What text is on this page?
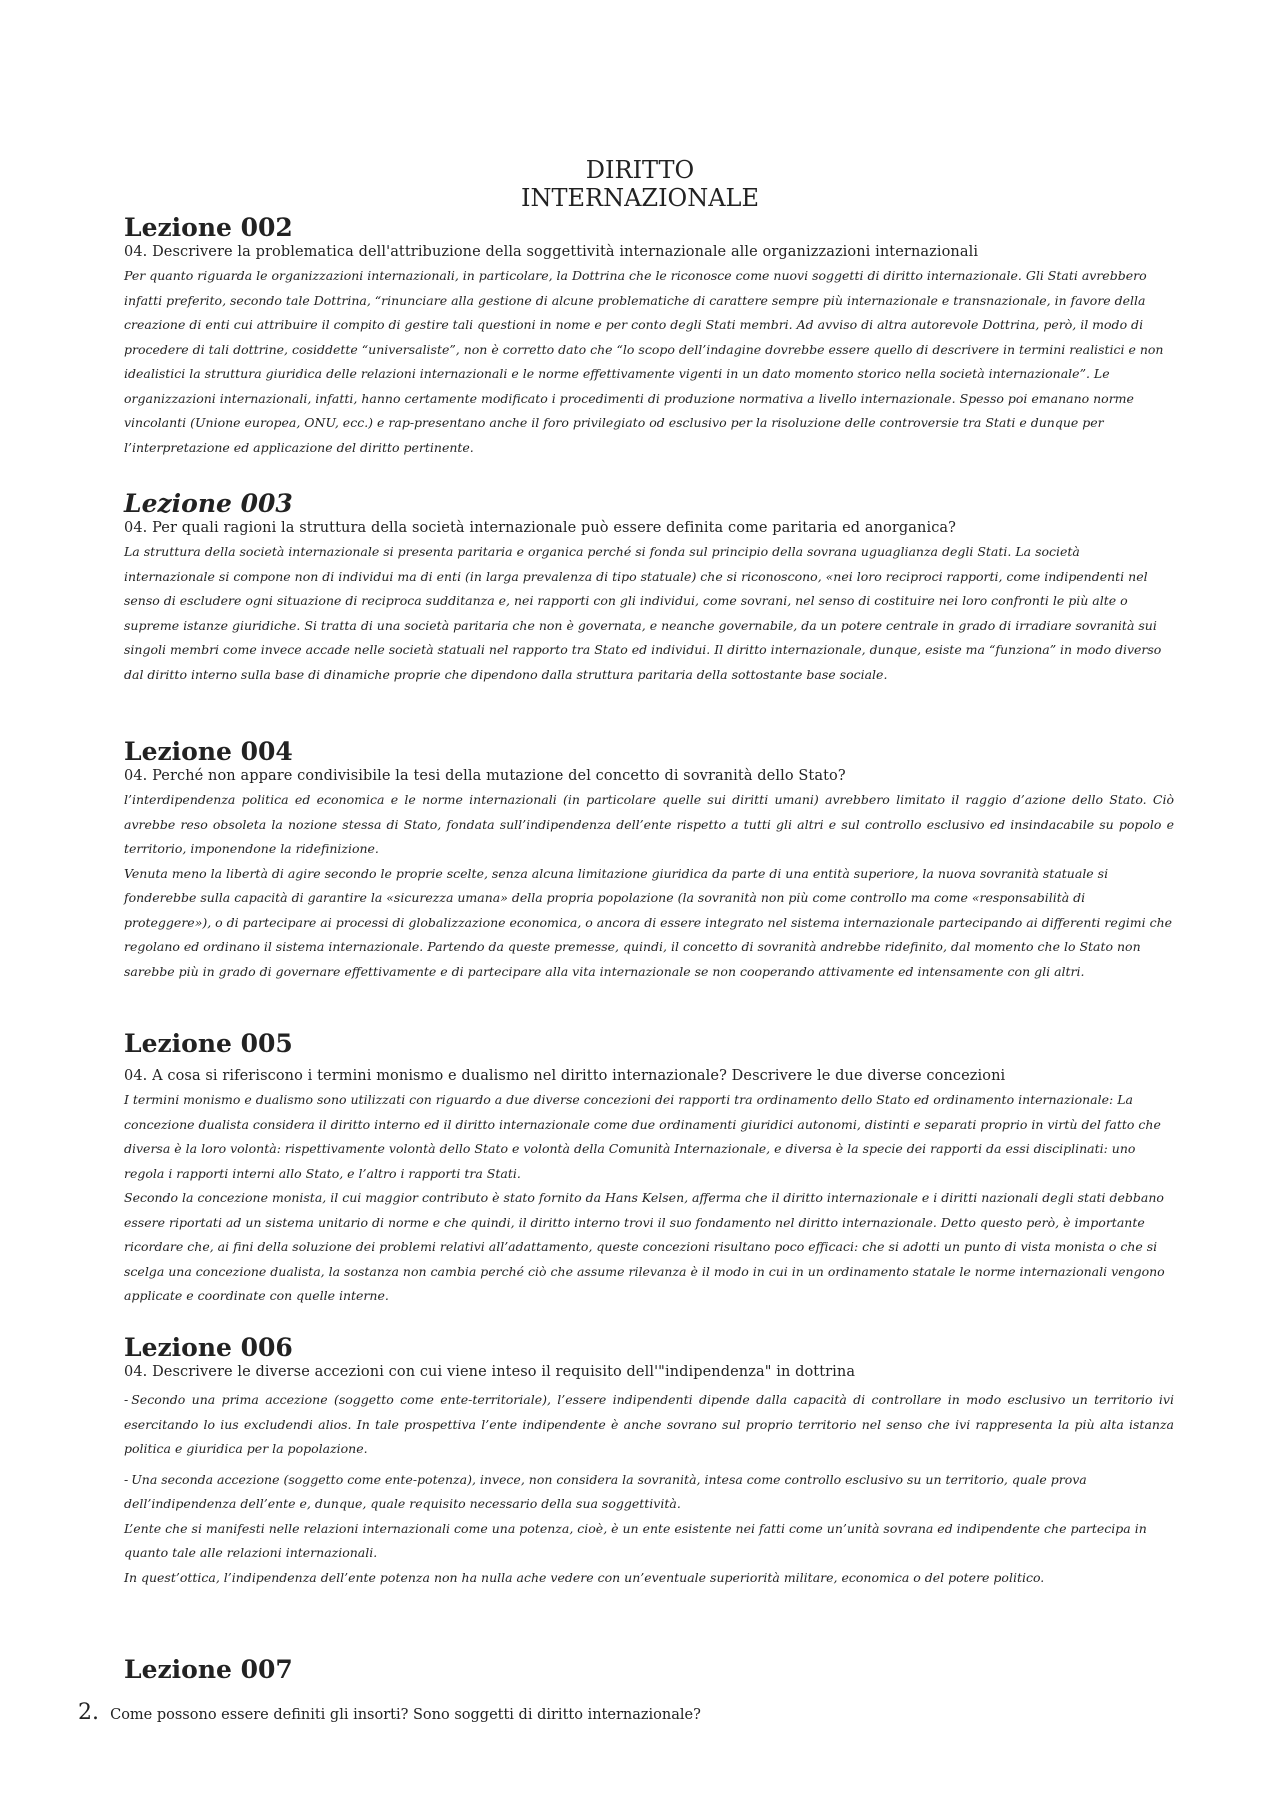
DIRITTO
INTERNAZIONALE
Lezione 002

04. Descrivere la problematica dell'attribuzione della soggettività internazionale alle organizzazioni internazionali

Per quanto riguarda le organizzazioni internazionali, in particolare, la Dottrina che le riconosce come nuovi soggetti di diritto internazionale. Gli Stati avrebbero infatti preferito, secondo tale Dottrina, “rinunciare alla gestione di alcune problematiche di carattere sempre più internazionale e transnazionale, in favore della creazione di enti cui attribuire il compito di gestire tali questioni in nome e per conto degli Stati membri. Ad avviso di altra autorevole Dottrina, però, il modo di procedere di tali dottrine, cosiddette “universaliste”, non è corretto dato che “lo scopo dell’indagine dovrebbe essere quello di descrivere in termini realistici e non idealistici la struttura giuridica delle relazioni internazionali e le norme effettivamente vigenti in un dato momento storico nella società internazionale”. Le organizzazioni internazionali, infatti, hanno certamente modificato i procedimenti di produzione normativa a livello internazionale. Spesso poi emanano norme vincolanti (Unione europea, ONU, ecc.) e rap-presentano anche il foro privilegiato od esclusivo per la risoluzione delle controversie tra Stati e dunque per l’interpretazione ed applicazione del diritto pertinente.

Lezione 003

04. Per quali ragioni la struttura della società internazionale può essere definita come paritaria ed anorganica?

La struttura della società internazionale si presenta paritaria e organica perché si fonda sul principio della sovrana uguaglianza degli Stati. La società internazionale si compone non di individui ma di enti (in larga prevalenza di tipo statuale) che si riconoscono, «nei loro reciproci rapporti, come indipendenti nel senso di escludere ogni situazione di reciproca sudditanza e, nei rapporti con gli individui, come sovrani, nel senso di costituire nei loro confronti le più alte o supreme istanze giuridiche. Si tratta di una società paritaria che non è governata, e neanche governabile, da un potere centrale in grado di irradiare sovranità sui singoli membri come invece accade nelle società statuali nel rapporto tra Stato ed individui. Il diritto internazionale, dunque, esiste ma “funziona” in modo diverso dal diritto interno sulla base di dinamiche proprie che dipendono dalla struttura paritaria della sottostante base sociale.

Lezione 004

04. Perché non appare condivisibile la tesi della mutazione del concetto di sovranità dello Stato?

l’interdipendenza politica ed economica e le norme internazionali (in particolare quelle sui diritti umani) avrebbero limitato il raggio d’azione dello Stato. Ciò avrebbe reso obsoleta la nozione stessa di Stato, fondata sull’indipendenza dell’ente rispetto a tutti gli altri e sul controllo esclusivo ed insindacabile su popolo e territorio, imponendone la ridefinizione.

Venuta meno la libertà di agire secondo le proprie scelte, senza alcuna limitazione giuridica da parte di una entità superiore, la nuova sovranità statuale si fonderebbe sulla capacità di garantire la «sicurezza umana» della propria popolazione (la sovranità non più come controllo ma come «responsabilità di proteggere»), o di partecipare ai processi di globalizzazione economica, o ancora di essere integrato nel sistema internazionale partecipando ai differenti regimi che regolano ed ordinano il sistema internazionale. Partendo da queste premesse, quindi, il concetto di sovranità andrebbe ridefinito, dal momento che lo Stato non sarebbe più in grado di governare effettivamente e di partecipare alla vita internazionale se non cooperando attivamente ed intensamente con gli altri.

Lezione 005

04. A cosa si riferiscono i termini monismo e dualismo nel diritto internazionale? Descrivere le due diverse concezioni

I termini monismo e dualismo sono utilizzati con riguardo a due diverse concezioni dei rapporti tra ordinamento dello Stato ed ordinamento internazionale: La concezione dualista considera il diritto interno ed il diritto internazionale come due ordinamenti giuridici autonomi, distinti e separati proprio in virtù del fatto che diversa è la loro volontà: rispettivamente volontà dello Stato e volontà della Comunità Internazionale, e diversa è la specie dei rapporti da essi disciplinati: uno regola i rapporti interni allo Stato, e l’altro i rapporti tra Stati.

Secondo la concezione monista, il cui maggior contributo è stato fornito da Hans Kelsen, afferma che il diritto internazionale e i diritti nazionali degli stati debbano essere riportati ad un sistema unitario di norme e che quindi, il diritto interno trovi il suo fondamento nel diritto internazionale. Detto questo però, è importante ricordare che, ai fini della soluzione dei problemi relativi all’adattamento, queste concezioni risultano poco efficaci: che si adotti un punto di vista monista o che si scelga una concezione dualista, la sostanza non cambia perché ciò che assume rilevanza è il modo in cui in un ordinamento statale le norme internazionali vengono applicate e coordinate con quelle interne.

Lezione 006

04. Descrivere le diverse accezioni con cui viene inteso il requisito dell'"indipendenza" in dottrina

- Secondo una prima accezione (soggetto come ente-territoriale), l’essere indipendenti dipende dalla capacità di controllare in modo esclusivo un territorio ivi esercitando lo ius excludendi alios. In tale prospettiva l’ente indipendente è anche sovrano sul proprio territorio nel senso che ivi rappresenta la più alta istanza politica e giuridica per la popolazione.

- Una seconda accezione (soggetto come ente-potenza), invece, non considera la sovranità, intesa come controllo esclusivo su un territorio, quale prova dell’indipendenza dell’ente e, dunque, quale requisito necessario della sua soggettività.

L’ente che si manifesti nelle relazioni internazionali come una potenza, cioè, è un ente esistente nei fatti come un’unità sovrana ed indipendente che partecipa in quanto tale alle relazioni internazionali.

In quest’ottica, l’indipendenza dell’ente potenza non ha nulla ache vedere con un’eventuale superiorità militare, economica o del potere politico.

Lezione 007
2. Come possono essere definiti gli insorti? Sono soggetti di diritto internazionale?
